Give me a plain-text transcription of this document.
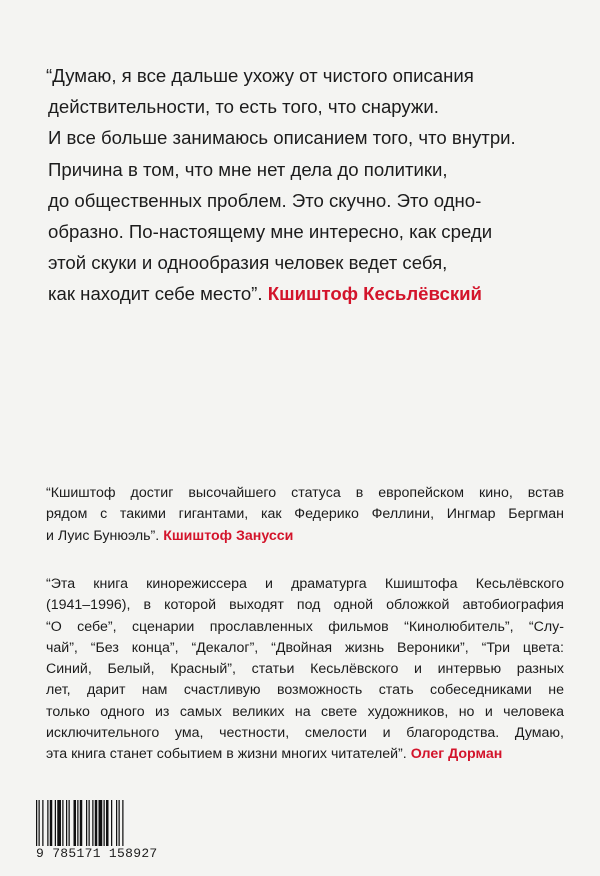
“Думаю, я все дальше ухожу от чистого описания
действительности, то есть того, что снаружи.
И все больше занимаюсь описанием того, что внутри.
Причина в том, что мне нет дела до политики,
до общественных проблем. Это скучно. Это одно-
образно. По-настоящему мне интересно, как среди
этой скуки и однообразия человек ведет себя,
как находит себе место”. Кшиштоф Кесьлёвский
“Кшиштоф достиг высочайшего статуса в европейском кино, встав
рядом с такими гигантами, как Федерико Феллини, Ингмар Бергман
и Луис Бунюэль”. Кшиштоф Занусси
“Эта книга кинорежиссера и драматурга Кшиштофа Кесьлёвского
(1941–1996), в которой выходят под одной обложкой автобиография
“О себе”, сценарии прославленных фильмов “Кинолюбитель”, “Слу-
чай”, “Без конца”, “Декалог”, “Двойная жизнь Вероники”, “Три цвета:
Синий, Белый, Красный”, статьи Кесьлёвского и интервью разных
лет, дарит нам счастливую возможность стать собеседниками не
только одного из самых великих на свете художников, но и человека
исключительного ума, честности, смелости и благородства. Думаю,
эта книга станет событием в жизни многих читателей”. Олег Дорман
9 785171 158927
